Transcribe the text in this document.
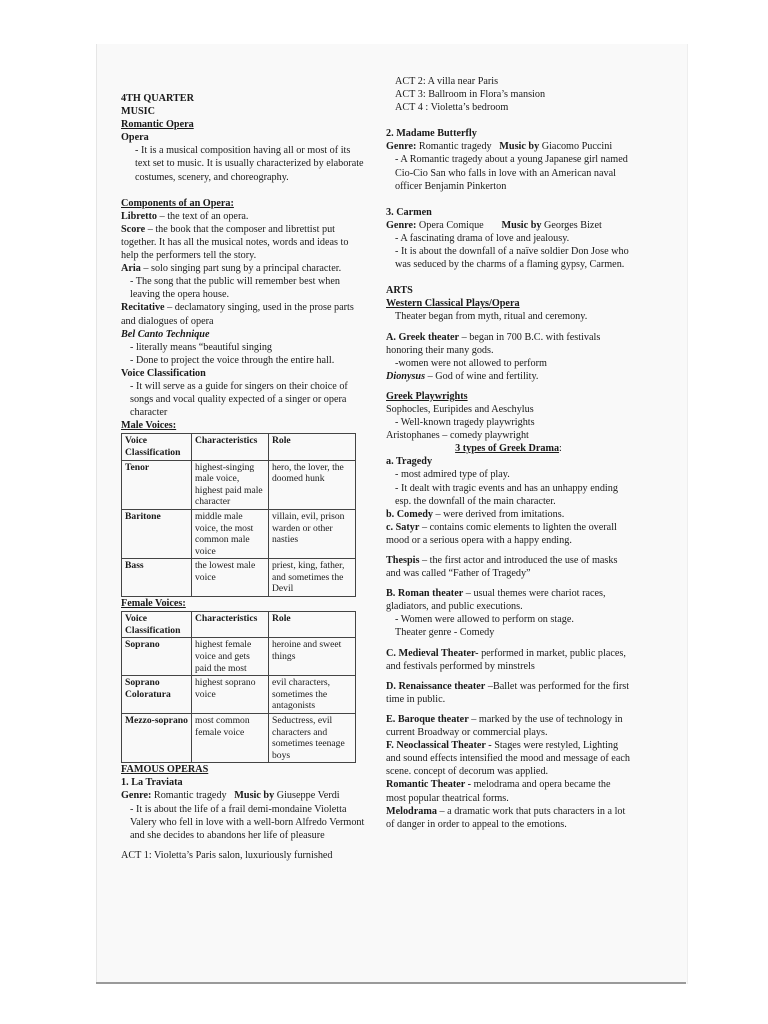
4TH QUARTER

MUSIC

Romantic Opera

Opera

- It is a musical composition having all or most of its text set to music. It is usually characterized by elaborate costumes, scenery, and choreography.

Components of an Opera:

Libretto – the text of an opera.

Score – the book that the composer and librettist put together. It has all the musical notes, words and ideas to help the performers tell the story.

Aria – solo singing part sung by a principal character.

- The song that the public will remember best when leaving the opera house.

Recitative – declamatory singing, used in the prose parts and dialogues of opera

Bel Canto Technique

- literally means “beautiful singing

- Done to project the voice through the entire hall.

Voice Classification

- It will serve as a guide for singers on their choice of songs and vocal quality expected of a singer or opera character

Male Voices:

Voice Classification	Characteristics	Role
Tenor	highest-singing male voice, highest paid male character	hero, the lover, the doomed hunk
Baritone	middle male voice, the most common male voice	villain, evil, prison warden or other nasties
Bass	the lowest male voice	priest, king, father, and sometimes the Devil

Female Voices:

Voice Classification	Characteristics	Role
Soprano	highest female voice and gets paid the most	heroine and sweet things
Soprano Coloratura	highest soprano voice	evil characters, sometimes the antagonists
Mezzo-soprano	most common female voice	Seductress, evil characters and sometimes teenage boys

FAMOUS OPERAS

1. La Traviata

Genre: Romantic tragedy Music by Giuseppe Verdi

- It is about the life of a frail demi-mondaine Violetta Valery who fell in love with a well-born Alfredo Vermont and she decides to abandons her life of pleasure

ACT 1: Violetta’s Paris salon, luxuriously furnished

ACT 2: A villa near Paris

ACT 3: Ballroom in Flora’s mansion

ACT 4 : Violetta’s bedroom

2. Madame Butterfly

Genre: Romantic tragedy Music by Giacomo Puccini

- A Romantic tragedy about a young Japanese girl named Cio-Cio San who falls in love with an American naval officer Benjamin Pinkerton

3. Carmen

Genre: Opera Comique Music by Georges Bizet

- A fascinating drama of love and jealousy.

- It is about the downfall of a naïve soldier Don Jose who was seduced by the charms of a flaming gypsy, Carmen.

ARTS

Western Classical Plays/Opera

Theater began from myth, ritual and ceremony.

A. Greek theater – began in 700 B.C. with festivals honoring their many gods.

-women were not allowed to perform

Dionysus – God of wine and fertility.

Greek Playwrights

Sophocles, Euripides and Aeschylus

- Well-known tragedy playwrights

Aristophanes – comedy playwright

3 types of Greek Drama:

a. Tragedy

- most admired type of play.

- It dealt with tragic events and has an unhappy ending esp. the downfall of the main character.

b. Comedy – were derived from imitations.

c. Satyr – contains comic elements to lighten the overall mood or a serious opera with a happy ending.

Thespis – the first actor and introduced the use of masks and was called “Father of Tragedy”

B. Roman theater – usual themes were chariot races, gladiators, and public executions.

- Women were allowed to perform on stage.

Theater genre - Comedy

C. Medieval Theater- performed in market, public places, and festivals performed by minstrels

D. Renaissance theater –Ballet was performed for the first time in public.

E. Baroque theater – marked by the use of technology in current Broadway or commercial plays.

F. Neoclassical Theater - Stages were restyled, Lighting and sound effects intensified the mood and message of each scene. concept of decorum was applied.

Romantic Theater - melodrama and opera became the most popular theatrical forms.

Melodrama – a dramatic work that puts characters in a lot of danger in order to appeal to the emotions.
